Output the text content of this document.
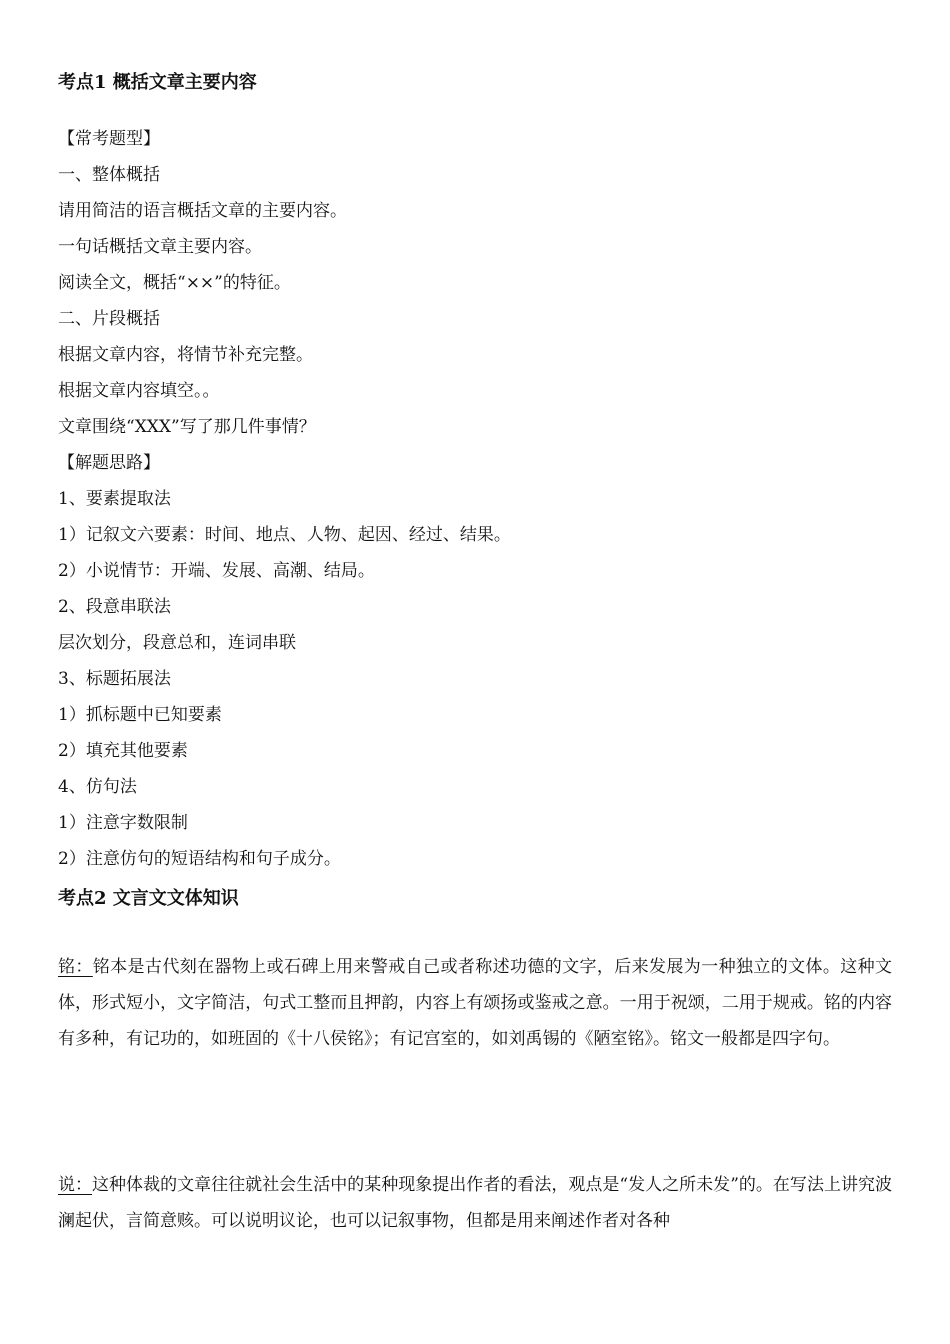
考点1 概括文章主要内容
【常考题型】
一、整体概括
请用简洁的语言概括文章的主要内容。
一句话概括文章主要内容。
阅读全文，概括“××”的特征。
二、片段概括
根据文章内容，将情节补充完整。
根据文章内容填空。。
文章围绕“XXX”写了那几件事情？
【解题思路】
1、要素提取法
1）记叙文六要素：时间、地点、人物、起因、经过、结果。
2）小说情节：开端、发展、高潮、结局。
2、段意串联法
层次划分，段意总和，连词串联
3、标题拓展法
1）抓标题中已知要素
2）填充其他要素
4、仿句法
1）注意字数限制
2）注意仿句的短语结构和句子成分。
考点2 文言文文体知识

铭：铭本是古代刻在器物上或石碑上用来警戒自己或者称述功德的文字，后来发展为一种独立的文体。这种文体，形式短小，文字简洁，句式工整而且押韵，内容上有颂扬或鉴戒之意。一用于祝颂，二用于规戒。铭的内容有多种，有记功的，如班固的《十八侯铭》；有记宫室的，如刘禹锡的《陋室铭》。铭文一般都是四字句。

说：这种体裁的文章往往就社会生活中的某种现象提出作者的看法，观点是“发人之所未发”的。在写法上讲究波澜起伏，言简意赅。可以说明议论，也可以记叙事物，但都是用来阐述作者对各种
